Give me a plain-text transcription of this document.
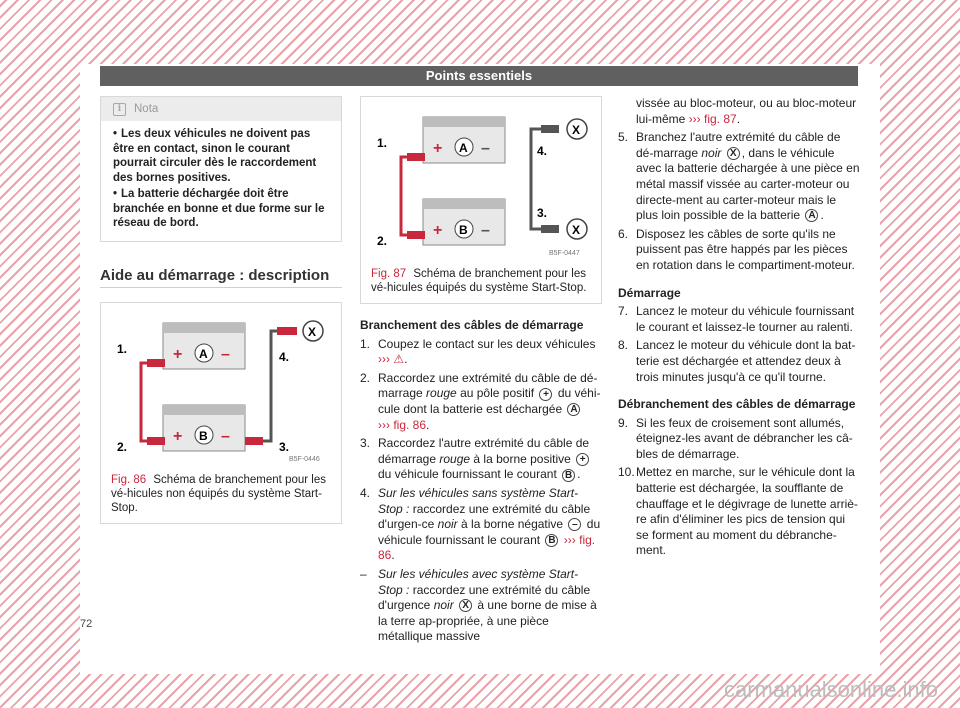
Points essentiels
i	Nota
• Les deux véhicules ne doivent pas être en contact, sinon le courant pourrait circuler dès le raccordement des bornes positives.
• La batterie déchargée doit être branchée en bonne et due forme sur le réseau de bord.
Aide au démarrage : description
+ –
A
+ –
B
X
1.
2.	3.
4.
B5F-0446
Fig. 86 Schéma de branchement pour les vé-hicules non équipés du système Start-Stop.
+ –
A
+ –
B
X
X
1.
2.
3.
4.
B5F-0447
Fig. 87 Schéma de branchement pour les vé-hicules équipés du système Start-Stop.
Branchement des câbles de démarrage
1. Coupez le contact sur les deux véhicules
››› ⚠.
2. Raccordez une extrémité du câble de dé-marrage rouge au pôle positif + du véhi-cule dont la batterie est déchargée A
››› fig. 86.
3. Raccordez l'autre extrémité du câble de démarrage rouge à la borne positive + du véhicule fournissant le courant B .
4. Sur les véhicules sans système Start-Stop : raccordez une extrémité du câble d'urgen-ce noir à la borne négative – du véhicule fournissant le courant B ››› fig. 86.
– Sur les véhicules avec système Start-Stop : raccordez une extrémité du câble d'urgence noir X à une borne de mise à la terre ap-propriée, à une pièce métallique massive
vissée au bloc-moteur, ou au bloc-moteur lui-même ››› fig. 87.
5. Branchez l'autre extrémité du câble de dé-marrage noir X , dans le véhicule avec la batterie déchargée à une pièce en métal massif vissée au carter-moteur ou directe-ment au carter-moteur mais le plus loin possible de la batterie A .
6. Disposez les câbles de sorte qu'ils ne puissent pas être happés par les pièces en rotation dans le compartiment-moteur.
Démarrage
7. Lancez le moteur du véhicule fournissant le courant et laissez-le tourner au ralenti.
8. Lancez le moteur du véhicule dont la bat-terie est déchargée et attendez deux à trois minutes jusqu'à ce qu'il tourne.
Débranchement des câbles de démarrage
9. Si les feux de croisement sont allumés, éteignez-les avant de débrancher les câ-bles de démarrage.
10. Mettez en marche, sur le véhicule dont la batterie est déchargée, la soufflante de chauffage et le dégivrage de lunette arriè-re afin d'éliminer les pics de tension qui se forment au moment du débranche-ment.
72
carmanualsonline.info
